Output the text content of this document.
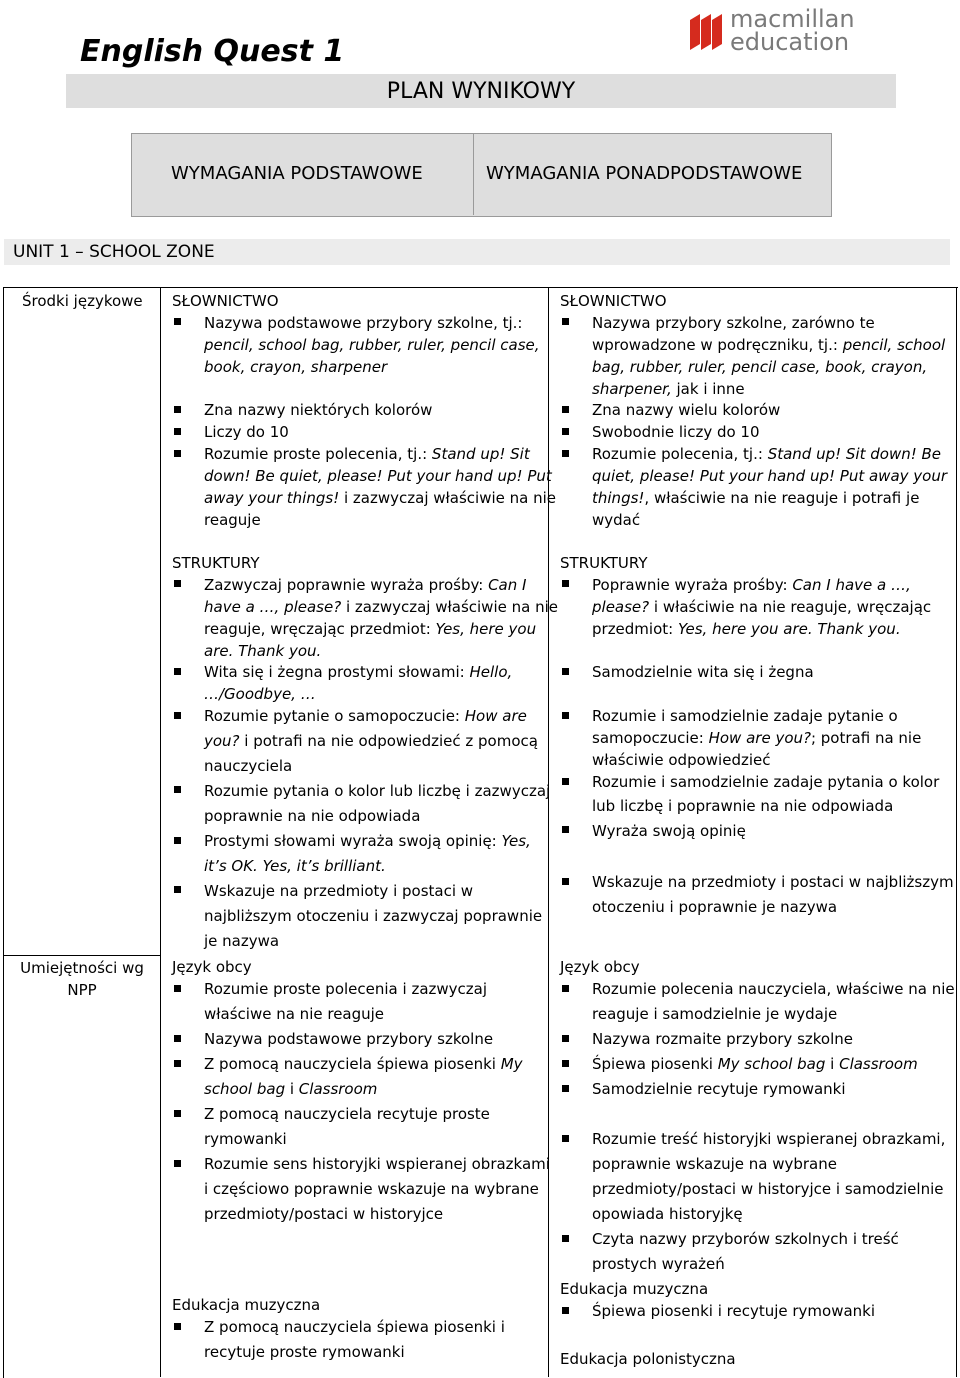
English Quest 1
macmillan
education
PLAN WYNIKOWY
WYMAGANIA PODSTAWOWE	WYMAGANIA PONADPODSTAWOWE
UNIT 1 – SCHOOL ZONE
Środki językowe
Umiejętności wg
NPP
SŁOWNICTWO
Nazywa podstawowe przybory szkolne, tj.:
pencil, school bag, rubber, ruler, pencil case,
book, crayon, sharpener
Zna nazwy niektórych kolorów
Liczy do 10
Rozumie proste polecenia, tj.: Stand up! Sit
down! Be quiet, please! Put your hand up! Put
away your things! i zazwyczaj właściwie na nie
reaguje
STRUKTURY
Zazwyczaj poprawnie wyraża prośby: Can I
have a …, please? i zazwyczaj właściwie na nie
reaguje, wręczając przedmiot: Yes, here you
are. Thank you.
Wita się i żegna prostymi słowami: Hello,
…/Goodbye, …
Rozumie pytanie o samopoczucie: How are
you? i potrafi na nie odpowiedzieć z pomocą
nauczyciela
Rozumie pytania o kolor lub liczbę i zazwyczaj
poprawnie na nie odpowiada
Prostymi słowami wyraża swoją opinię: Yes,
it’s OK. Yes, it’s brilliant.
Wskazuje na przedmioty i postaci w
najbliższym otoczeniu i zazwyczaj poprawnie
je nazywa
Język obcy
Rozumie proste polecenia i zazwyczaj
właściwe na nie reaguje
Nazywa podstawowe przybory szkolne
Z pomocą nauczyciela śpiewa piosenki My
school bag i Classroom
Z pomocą nauczyciela recytuje proste
rymowanki
Rozumie sens historyjki wspieranej obrazkami
i częściowo poprawnie wskazuje na wybrane
przedmioty/postaci w historyjce
Edukacja muzyczna
Z pomocą nauczyciela śpiewa piosenki i
recytuje proste rymowanki
SŁOWNICTWO
Nazywa przybory szkolne, zarówno te
wprowadzone w podręczniku, tj.: pencil, school
bag, rubber, ruler, pencil case, book, crayon,
sharpener, jak i inne
Zna nazwy wielu kolorów
Swobodnie liczy do 10
Rozumie polecenia, tj.: Stand up! Sit down! Be
quiet, please! Put your hand up! Put away your
things!, właściwie na nie reaguje i potrafi je
wydać
STRUKTURY
Poprawnie wyraża prośby: Can I have a …,
please? i właściwie na nie reaguje, wręczając
przedmiot: Yes, here you are. Thank you.
Samodzielnie wita się i żegna
Rozumie i samodzielnie zadaje pytanie o
samopoczucie: How are you?; potrafi na nie
właściwie odpowiedzieć
Rozumie i samodzielnie zadaje pytania o kolor
lub liczbę i poprawnie na nie odpowiada
Wyraża swoją opinię
Wskazuje na przedmioty i postaci w najbliższym
otoczeniu i poprawnie je nazywa
Język obcy
Rozumie polecenia nauczyciela, właściwe na nie
reaguje i samodzielnie je wydaje
Nazywa rozmaite przybory szkolne
Śpiewa piosenki My school bag i Classroom
Samodzielnie recytuje rymowanki
Rozumie treść historyjki wspieranej obrazkami,
poprawnie wskazuje na wybrane
przedmioty/postaci w historyjce i samodzielnie
opowiada historyjkę
Czyta nazwy przyborów szkolnych i treść
prostych wyrażeń
Edukacja muzyczna
Śpiewa piosenki i recytuje rymowanki
Edukacja polonistyczna
